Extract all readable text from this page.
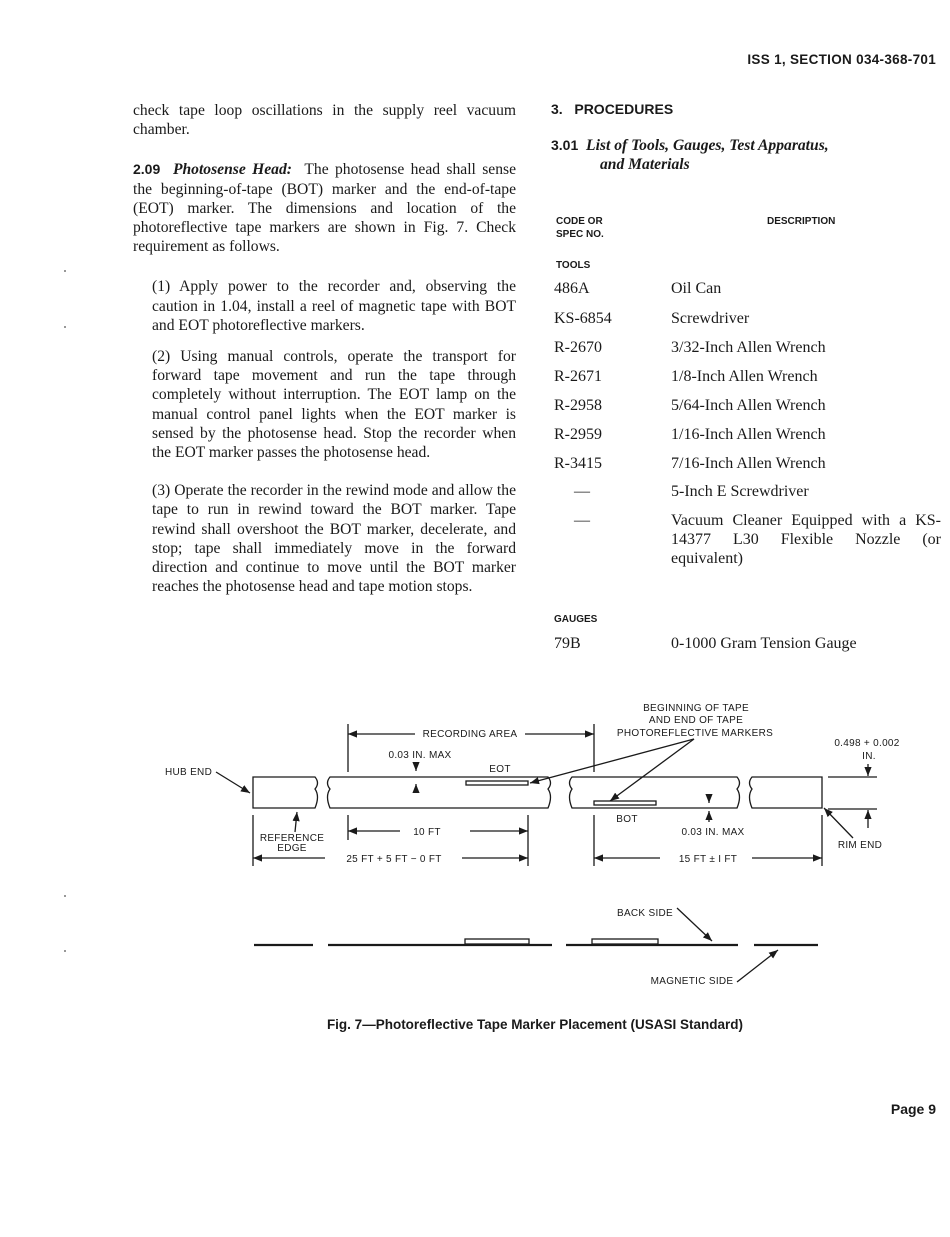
ISS 1, SECTION 034-368-701

check tape loop oscillations in the supply reel vacuum chamber.

2.09 Photosense Head: The photosense head shall sense the beginning-of-tape (BOT) marker and the end-of-tape (EOT) marker. The dimensions and location of the photoreflective tape markers are shown in Fig. 7. Check requirement as follows.

(1) Apply power to the recorder and, observing the caution in 1.04, install a reel of magnetic tape with BOT and EOT photoreflective markers.

(2) Using manual controls, operate the transport for forward tape movement and run the tape through completely without interruption. The EOT lamp on the manual control panel lights when the EOT marker is sensed by the photosense head. Stop the recorder when the EOT marker passes the photosense head.

(3) Operate the recorder in the rewind mode and allow the tape to run in rewind toward the BOT marker. Tape rewind shall overshoot the BOT marker, decelerate, and stop; tape shall immediately move in the forward direction and continue to move until the BOT marker reaches the photosense head and tape motion stops.

3. PROCEDURES
3.01 List of Tools, Gauges, Test Apparatus,
and Materials
CODE OR
SPEC NO.
DESCRIPTION
TOOLS
486A	Oil Can
KS-6854	Screwdriver
R-2670	3/32-Inch Allen Wrench
R-2671	1/8-Inch Allen Wrench
R-2958	5/64-Inch Allen Wrench
R-2959	1/16-Inch Allen Wrench
R-3415	7/16-Inch Allen Wrench
—	5-Inch E Screwdriver
—	Vacuum Cleaner Equipped with a KS-14377 L30 Flexible Nozzle (or equivalent)
GAUGES
79B	0-1000 Gram Tension Gauge
BEGINNING OF TAPE
AND END OF TAPE
PHOTOREFLECTIVE MARKERS
RECORDING AREA
0.03 IN. MAX
EOT
HUB END
0.498 + 0.002
IN.
BOT
0.03 IN. MAX
REFERENCE
EDGE
10 FT
25 FT + 5 FT − 0 FT	15 FT ± I FT
RIM END
BACK SIDE
MAGNETIC SIDE
Fig. 7—Photoreflective Tape Marker Placement (USASI Standard)
Page 9
